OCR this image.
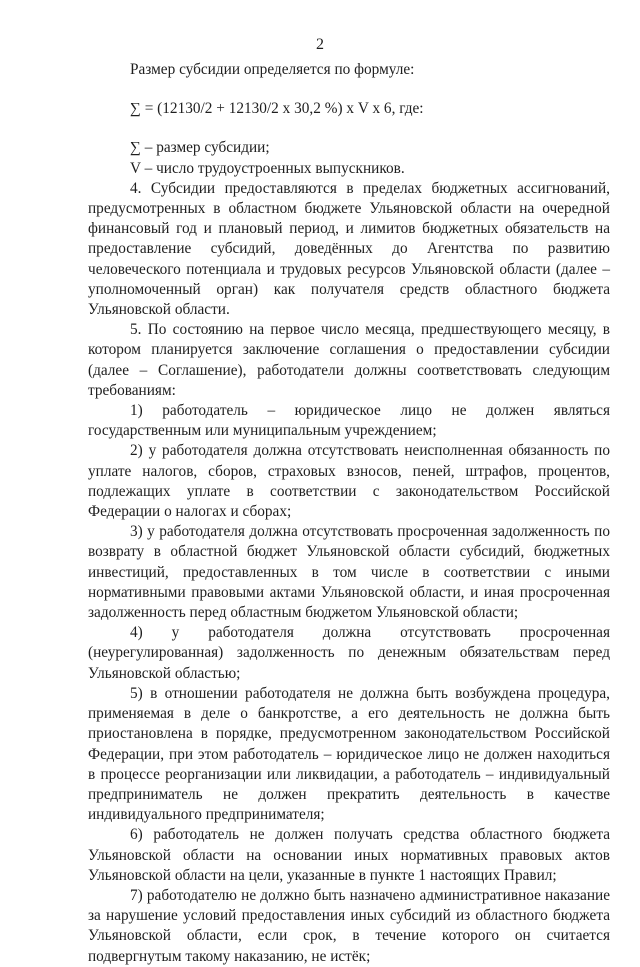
2

Размер субсидии определяется по формуле:

∑ = (12130/2 + 12130/2 х 30,2 %) х V х 6, где:

∑ – размер субсидии;

V – число трудоустроенных выпускников.

4. Субсидии предоставляются в пределах бюджетных ассигнований, предусмотренных в областном бюджете Ульяновской области на очередной финансовый год и плановый период, и лимитов бюджетных обязательств на предоставление субсидий, доведённых до Агентства по развитию человеческого потенциала и трудовых ресурсов Ульяновской области (далее – уполномоченный орган) как получателя средств областного бюджета Ульяновской области.

5. По состоянию на первое число месяца, предшествующего месяцу, в котором планируется заключение соглашения о предоставлении субсидии (далее – Соглашение), работодатели должны соответствовать следующим требованиям:

1) работодатель – юридическое лицо не должен являться государственным или муниципальным учреждением;

2) у работодателя должна отсутствовать неисполненная обязанность по уплате налогов, сборов, страховых взносов, пеней, штрафов, процентов, подлежащих уплате в соответствии с законодательством Российской Федерации о налогах и сборах;

3) у работодателя должна отсутствовать просроченная задолженность по возврату в областной бюджет Ульяновской области субсидий, бюджетных инвестиций, предоставленных в том числе в соответствии с иными нормативными правовыми актами Ульяновской области, и иная просроченная задолженность перед областным бюджетом Ульяновской области;

4) у работодателя должна отсутствовать просроченная (неурегулированная) задолженность по денежным обязательствам перед Ульяновской областью;

5) в отношении работодателя не должна быть возбуждена процедура, применяемая в деле о банкротстве, а его деятельность не должна быть приостановлена в порядке, предусмотренном законодательством Российской Федерации, при этом работодатель – юридическое лицо не должен находиться в процессе реорганизации или ликвидации, а работодатель – индивидуальный предприниматель не должен прекратить деятельность в качестве индивидуального предпринимателя;

6) работодатель не должен получать средства областного бюджета Ульяновской области на основании иных нормативных правовых актов Ульяновской области на цели, указанные в пункте 1 настоящих Правил;

7) работодателю не должно быть назначено административное наказание за нарушение условий предоставления иных субсидий из областного бюджета Ульяновской области, если срок, в течение которого он считается подвергнутым такому наказанию, не истёк;
